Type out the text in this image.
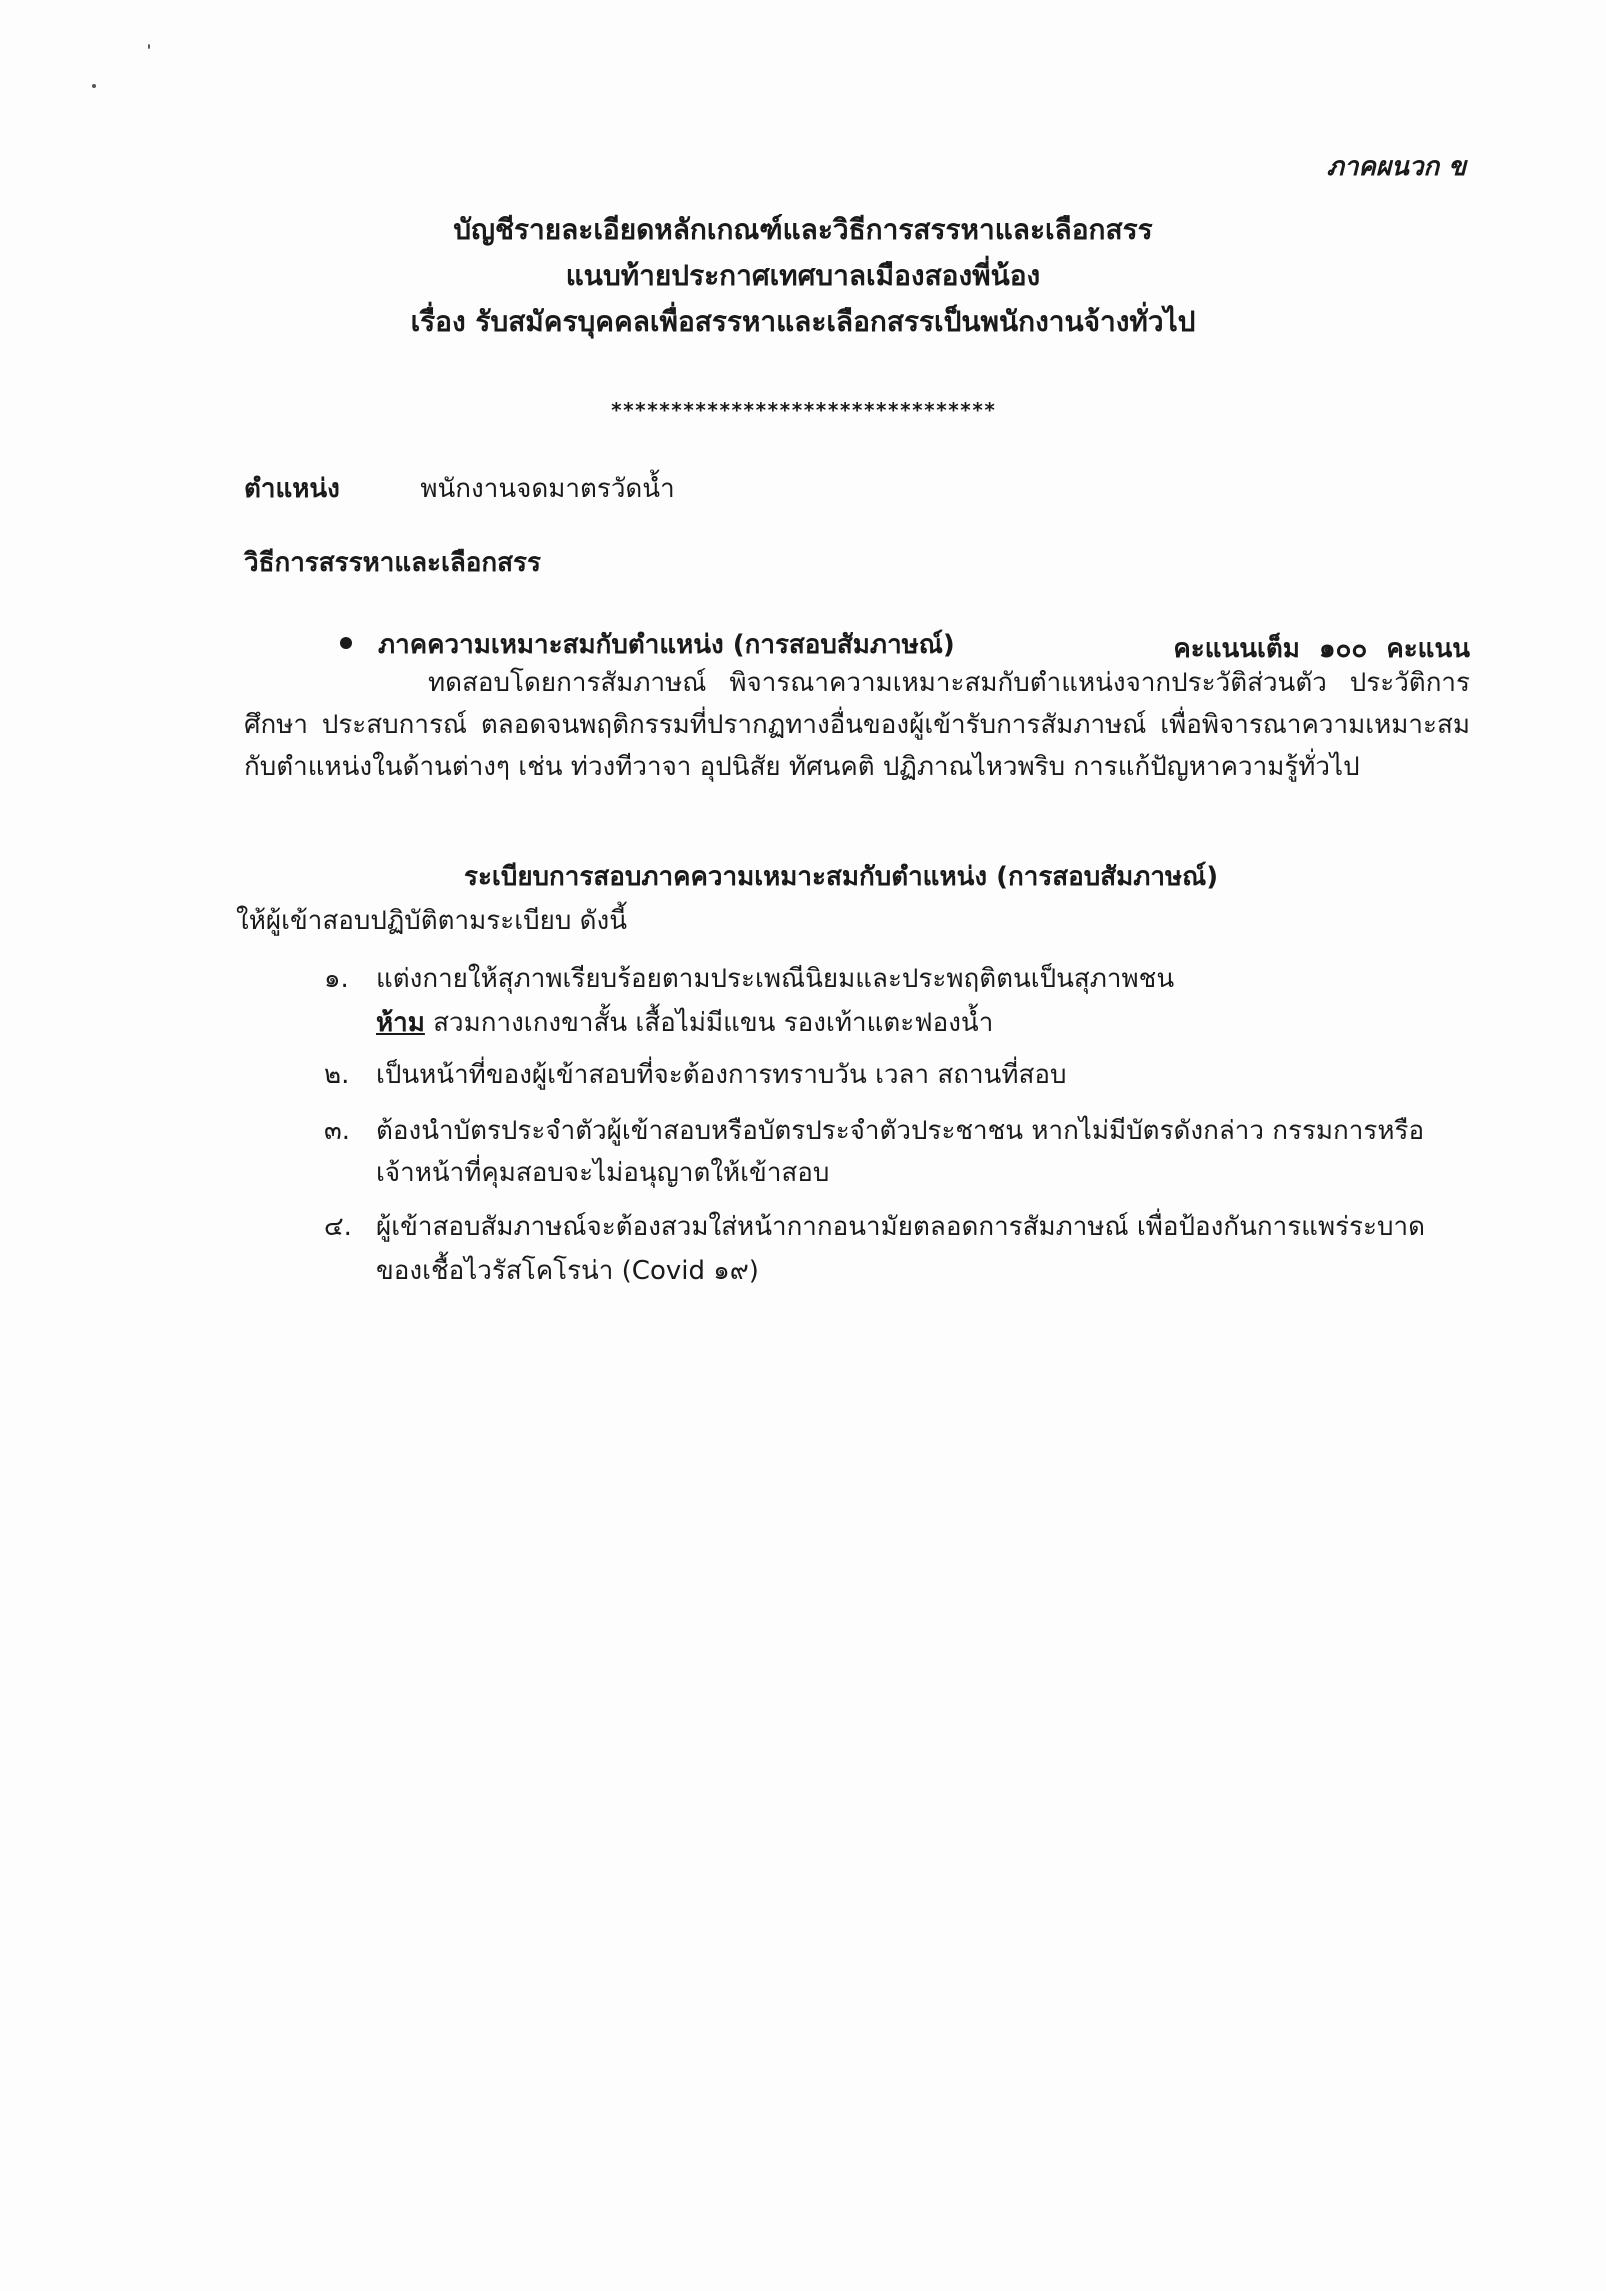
ภาคผนวก ข
บัญชีรายละเอียดหลักเกณฑ์และวิธีการสรรหาและเลือกสรร
แนบท้ายประกาศเทศบาลเมืองสองพี่น้อง
เรื่อง รับสมัครบุคคลเพื่อสรรหาและเลือกสรรเป็นพนักงานจ้างทั่วไป
********************************
ตำแหน่ง	พนักงานจดมาตรวัดน้ำ
วิธีการสรรหาและเลือกสรร
ภาคความเหมาะสมกับตำแหน่ง (การสอบสัมภาษณ์)	คะแนนเต็ม ๑๐๐ คะแนน
ทดสอบโดยการสัมภาษณ์ พิจารณาความเหมาะสมกับตำแหน่งจากประวัติส่วนตัว ประวัติการศึกษา ประสบการณ์ ตลอดจนพฤติกรรมที่ปรากฏทางอื่นของผู้เข้ารับการสัมภาษณ์ เพื่อพิจารณาความเหมาะสมกับตำแหน่งในด้านต่างๆ เช่น ท่วงทีวาจา อุปนิสัย ทัศนคติ ปฏิภาณไหวพริบ การแก้ปัญหาความรู้ทั่วไป
ระเบียบการสอบภาคความเหมาะสมกับตำแหน่ง (การสอบสัมภาษณ์)
ให้ผู้เข้าสอบปฏิบัติตามระเบียบ ดังนี้
๑. แต่งกายให้สุภาพเรียบร้อยตามประเพณีนิยมและประพฤติตนเป็นสุภาพชน
ห้าม สวมกางเกงขาสั้น เสื้อไม่มีแขน รองเท้าแตะฟองน้ำ
๒. เป็นหน้าที่ของผู้เข้าสอบที่จะต้องการทราบวัน เวลา สถานที่สอบ
๓. ต้องนำบัตรประจำตัวผู้เข้าสอบหรือบัตรประจำตัวประชาชน หากไม่มีบัตรดังกล่าว กรรมการหรือ
เจ้าหน้าที่คุมสอบจะไม่อนุญาตให้เข้าสอบ
๔. ผู้เข้าสอบสัมภาษณ์จะต้องสวมใส่หน้ากากอนามัยตลอดการสัมภาษณ์ เพื่อป้องกันการแพร่ระบาด
ของเชื้อไวรัสโคโรน่า (Covid ๑๙)
